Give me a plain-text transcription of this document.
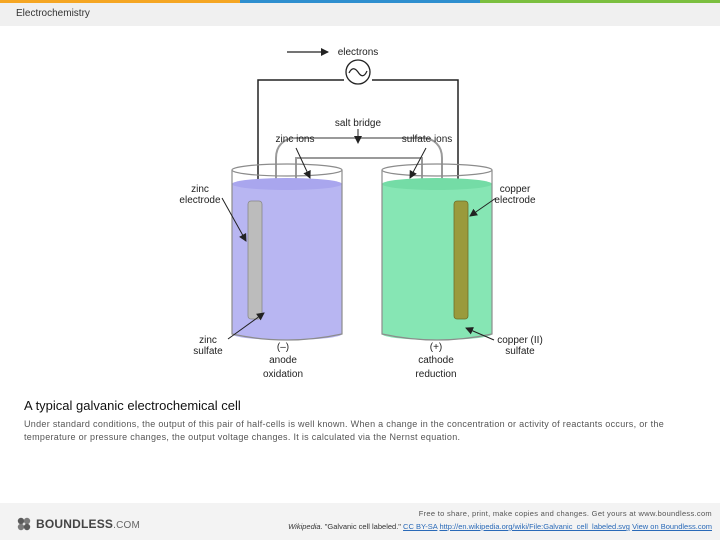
Electrochemistry
electrons
salt bridge
zinc ions	sulfate ions
zinc
electrode
copper
electrode
zinc
sulfate
copper (II)
sulfate
(–)
anode
oxidation
(+)
cathode
reduction
A typical galvanic electrochemical cell
Under standard conditions, the output of this pair of half-cells is well known. When a change in the concentration or activity of reactants occurs, or the temperature or pressure changes, the output voltage changes. It is calculated via the Nernst equation.
BOUNDLESS.COM
Free to share, print, make copies and changes. Get yours at www.boundless.com
Wikipedia. "Galvanic cell labeled." CC BY-SA http://en.wikipedia.org/wiki/File:Galvanic_cell_labeled.svg View on Boundless.com
